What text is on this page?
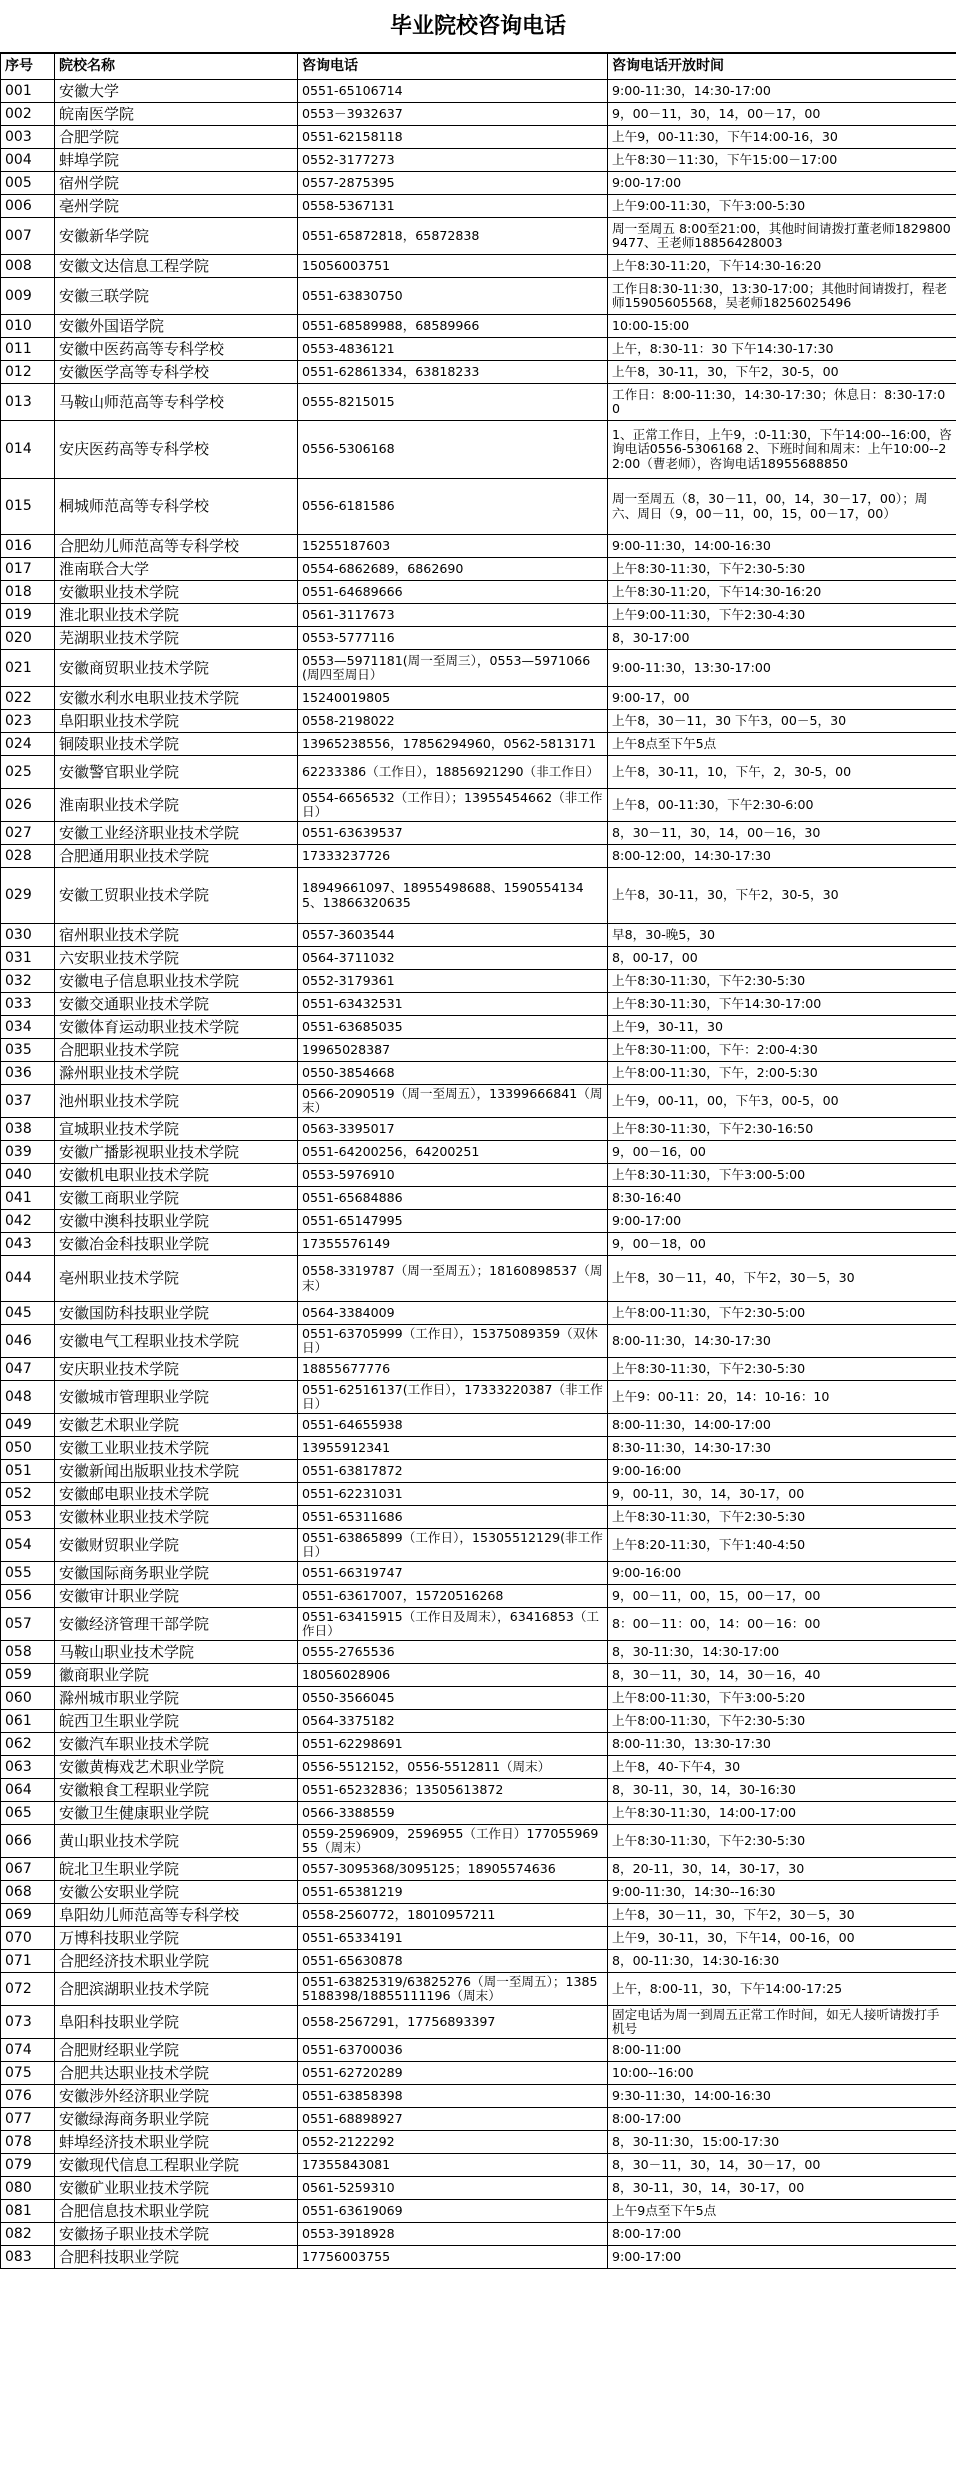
毕业院校咨询电话
序号	院校名称	咨询电话	咨询电话开放时间
001	安徽大学	0551-65106714	9:00-11:30，14:30-17:00
002	皖南医学院	0553－3932637	9，00－11，30，14，00－17，00
003	合肥学院	0551-62158118	上午9，00-11:30，下午14:00-16，30
004	蚌埠学院	0552-3177273	上午8:30－11:30，下午15:00－17:00
005	宿州学院	0557-2875395	9:00-17:00
006	亳州学院	0558-5367131	上午9:00-11:30，下午3:00-5:30
007	安徽新华学院	0551-65872818，65872838	周一至周五 8:00至21:00，其他时间请拨打董老师18298009477、王老师18856428003
008	安徽文达信息工程学院	15056003751	上午8:30-11:20，下午14:30-16:20
009	安徽三联学院	0551-63830750	工作日8:30-11:30，13:30-17:00；其他时间请拨打，程老师15905605568，吴老师18256025496
010	安徽外国语学院	0551-68589988，68589966	10:00-15:00
011	安徽中医药高等专科学校	0553-4836121	上午，8:30-11：30 下午14:30-17:30
012	安徽医学高等专科学校	0551-62861334，63818233	上午8，30-11，30，下午2，30-5，00
013	马鞍山师范高等专科学校	0555-8215015	工作日：8:00-11:30，14:30-17:30；休息日：8:30-17:00
014	安庆医药高等专科学校	0556-5306168	1、正常工作日，上午9，:0-11:30，下午14:00--16:00，咨询电话0556-5306168 2、下班时间和周末：上午10:00--22:00（曹老师），咨询电话18955688850
015	桐城师范高等专科学校	0556-6181586	周一至周五（8，30－11，00，14，30－17，00）；周六、周日（9，00－11，00，15，00－17，00）
016	合肥幼儿师范高等专科学校	15255187603	9:00-11:30，14:00-16:30
017	淮南联合大学	0554-6862689，6862690	上午8:30-11:30，下午2:30-5:30
018	安徽职业技术学院	0551-64689666	上午8:30-11:20，下午14:30-16:20
019	淮北职业技术学院	0561-3117673	上午9:00-11:30，下午2:30-4:30
020	芜湖职业技术学院	0553-5777116	8，30-17:00
021	安徽商贸职业技术学院	0553—5971181(周一至周三），0553—5971066(周四至周日）	9:00-11:30，13:30-17:00
022	安徽水利水电职业技术学院	15240019805	9:00-17，00
023	阜阳职业技术学院	0558-2198022	上午8，30－11，30 下午3，00－5，30
024	铜陵职业技术学院	13965238556，17856294960，0562-5813171	上午8点至下午5点
025	安徽警官职业学院	62233386（工作日），18856921290（非工作日）	上午8，30-11，10，下午，2，30-5，00
026	淮南职业技术学院	0554-6656532（工作日）；13955454662（非工作日）	上午8，00-11:30，下午2:30-6:00
027	安徽工业经济职业技术学院	0551-63639537	8，30－11，30，14，00－16，30
028	合肥通用职业技术学院	17333237726	8:00-12:00，14:30-17:30
029	安徽工贸职业技术学院	18949661097、18955498688、15905541345、13866320635	上午8，30-11，30，下午2，30-5，30
030	宿州职业技术学院	0557-3603544	早8，30-晚5，30
031	六安职业技术学院	0564-3711032	8，00-17，00
032	安徽电子信息职业技术学院	0552-3179361	上午8:30-11:30，下午2:30-5:30
033	安徽交通职业技术学院	0551-63432531	上午8:30-11:30，下午14:30-17:00
034	安徽体育运动职业技术学院	0551-63685035	上午9，30-11，30
035	合肥职业技术学院	19965028387	上午8:30-11:00，下午：2:00-4:30
036	滁州职业技术学院	0550-3854668	上午8:00-11:30，下午，2:00-5:30
037	池州职业技术学院	0566-2090519（周一至周五），13399666841（周末）	上午9，00-11，00，下午3，00-5，00
038	宣城职业技术学院	0563-3395017	上午8:30-11:30，下午2:30-16:50
039	安徽广播影视职业技术学院	0551-64200256，64200251	9，00－16，00
040	安徽机电职业技术学院	0553-5976910	上午8:30-11:30，下午3:00-5:00
041	安徽工商职业学院	0551-65684886	8:30-16:40
042	安徽中澳科技职业学院	0551-65147995	9:00-17:00
043	安徽冶金科技职业学院	17355576149	9，00－18，00
044	亳州职业技术学院	0558-3319787（周一至周五）；18160898537（周末）	上午8，30－11，40，下午2，30－5，30
045	安徽国防科技职业学院	0564-3384009	上午8:00-11:30，下午2:30-5:00
046	安徽电气工程职业技术学院	0551-63705999（工作日），15375089359（双休日）	8:00-11:30，14:30-17:30
047	安庆职业技术学院	18855677776	上午8:30-11:30，下午2:30-5:30
048	安徽城市管理职业学院	0551-62516137(工作日），17333220387（非工作日）	上午9：00-11：20，14：10-16：10
049	安徽艺术职业学院	0551-64655938	8:00-11:30，14:00-17:00
050	安徽工业职业技术学院	13955912341	8:30-11:30，14:30-17:30
051	安徽新闻出版职业技术学院	0551-63817872	9:00-16:00
052	安徽邮电职业技术学院	0551-62231031	9，00-11，30，14，30-17，00
053	安徽林业职业技术学院	0551-65311686	上午8:30-11:30，下午2:30-5:30
054	安徽财贸职业学院	0551-63865899（工作日），15305512129(非工作日）	上午8:20-11:30，下午1:40-4:50
055	安徽国际商务职业学院	0551-66319747	9:00-16:00
056	安徽审计职业学院	0551-63617007，15720516268	9，00－11，00，15，00－17，00
057	安徽经济管理干部学院	0551-63415915（工作日及周末），63416853（工作日）	8：00－11：00，14：00－16：00
058	马鞍山职业技术学院	0555-2765536	8，30-11:30，14:30-17:00
059	徽商职业学院	18056028906	8，30－11，30，14，30－16，40
060	滁州城市职业学院	0550-3566045	上午8:00-11:30，下午3:00-5:20
061	皖西卫生职业学院	0564-3375182	上午8:00-11:30，下午2:30-5:30
062	安徽汽车职业技术学院	0551-62298691	8:00-11:30，13:30-17:30
063	安徽黄梅戏艺术职业学院	0556-5512152，0556-5512811（周末）	上午8，40-下午4，30
064	安徽粮食工程职业学院	0551-65232836；13505613872	8，30-11，30，14，30-16:30
065	安徽卫生健康职业学院	0566-3388559	上午8:30-11:30，14:00-17:00
066	黄山职业技术学院	0559-2596909，2596955（工作日）17705596955（周末）	上午8:30-11:30，下午2:30-5:30
067	皖北卫生职业学院	0557-3095368/3095125；18905574636	8，20-11，30，14，30-17，30
068	安徽公安职业学院	0551-65381219	9:00-11:30，14:30--16:30
069	阜阳幼儿师范高等专科学校	0558-2560772，18010957211	上午8，30－11，30，下午2，30－5，30
070	万博科技职业学院	0551-65334191	上午9，30-11，30，下午14，00-16，00
071	合肥经济技术职业学院	0551-65630878	8，00-11:30，14:30-16:30
072	合肥滨湖职业技术学院	0551-63825319/63825276（周一至周五）；13855188398/18855111196（周末）	上午，8:00-11，30，下午14:00-17:25
073	阜阳科技职业学院	0558-2567291，17756893397	固定电话为周一到周五正常工作时间，如无人接听请拨打手机号
074	合肥财经职业学院	0551-63700036	8:00-11:00
075	合肥共达职业技术学院	0551-62720289	10:00--16:00
076	安徽涉外经济职业学院	0551-63858398	9:30-11:30，14:00-16:30
077	安徽绿海商务职业学院	0551-68898927	8:00-17:00
078	蚌埠经济技术职业学院	0552-2122292	8，30-11:30，15:00-17:30
079	安徽现代信息工程职业学院	17355843081	8，30－11，30，14，30－17，00
080	安徽矿业职业技术学院	0561-5259310	8，30-11，30，14，30-17，00
081	合肥信息技术职业学院	0551-63619069	上午9点至下午5点
082	安徽扬子职业技术学院	0553-3918928	8:00-17:00
083	合肥科技职业学院	17756003755	9:00-17:00
